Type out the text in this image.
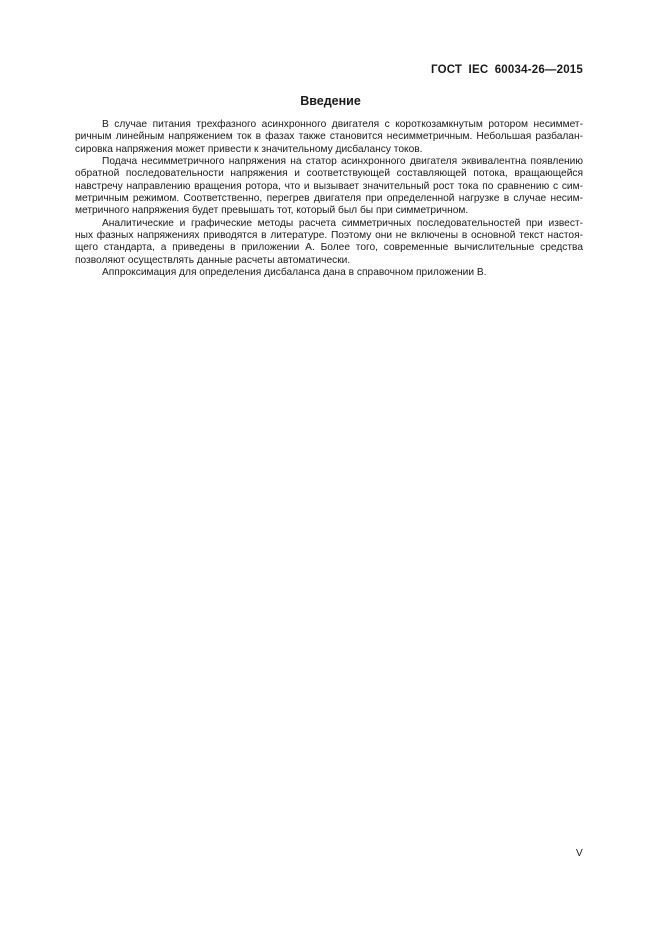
ГОСТ IEC 60034-26—2015
Введение
В случае питания трехфазного асинхронного двигателя с короткозамкнутым ротором несиммет-
ричным линейным напряжением ток в фазах также становится несимметричным. Небольшая разбалан-
сировка напряжения может привести к значительному дисбалансу токов.
Подача несимметричного напряжения на статор асинхронного двигателя эквивалентна появлению
обратной последовательности напряжения и соответствующей составляющей потока, вращающейся
навстречу направлению вращения ротора, что и вызывает значительный рост тока по сравнению с сим-
метричным режимом. Соответственно, перегрев двигателя при определенной нагрузке в случае несим-
метричного напряжения будет превышать тот, который был бы при симметричном.
Аналитические и графические методы расчета симметричных последовательностей при извест-
ных фазных напряжениях приводятся в литературе. Поэтому они не включены в основной текст настоя-
щего стандарта, а приведены в приложении А. Более того, современные вычислительные средства
позволяют осуществлять данные расчеты автоматически.
Аппроксимация для определения дисбаланса дана в справочном приложении В.
V
